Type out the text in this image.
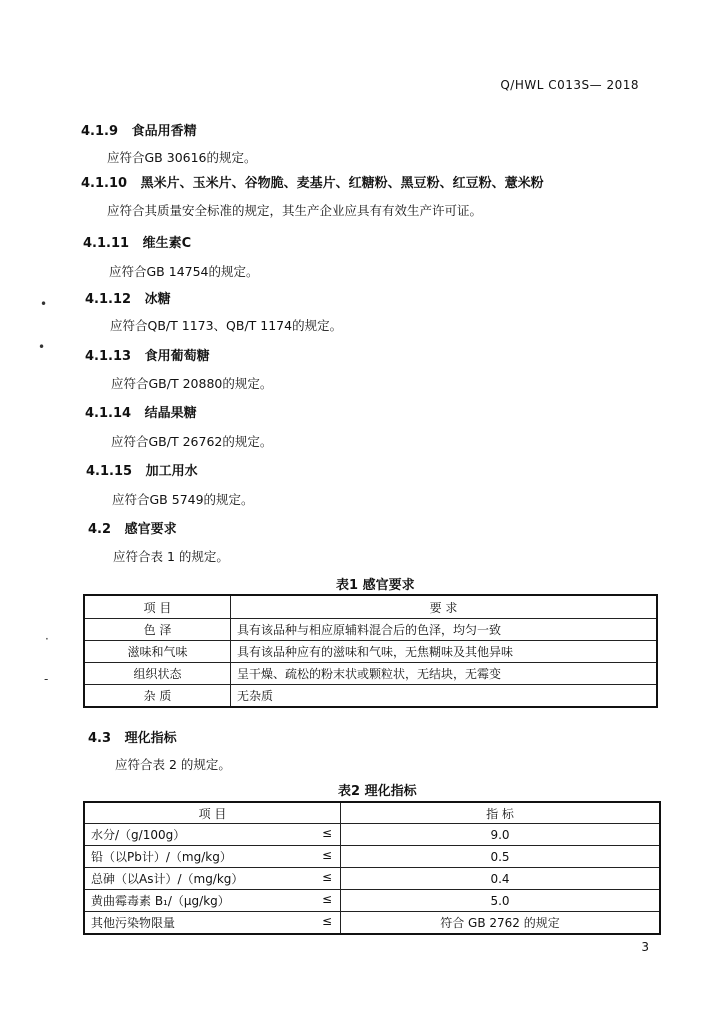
Q/HWL C013S— 2018
4.1.9 食品用香精
应符合GB 30616的规定。
4.1.10 黑米片、玉米片、谷物脆、麦基片、红糖粉、黑豆粉、红豆粉、薏米粉
应符合其质量安全标准的规定，其生产企业应具有有效生产许可证。
4.1.11 维生素C
应符合GB 14754的规定。
•	4.1.12 冰糖
应符合QB/T 1173、QB/T 1174的规定。
•
4.1.13 食用葡萄糖
应符合GB/T 20880的规定。
4.1.14 结晶果糖
应符合GB/T 26762的规定。
4.1.15 加工用水
应符合GB 5749的规定。
4.2 感官要求
应符合表 1 的规定。
表1 感官要求
项 目	要 求
色 泽	具有该品种与相应原辅料混合后的色泽，均匀一致
滋味和气味	具有该品种应有的滋味和气味，无焦糊味及其他异味
组织状态	呈干燥、疏松的粉末状或颗粒状，无结块，无霉变
杂 质	无杂质
·
-
4.3 理化指标
应符合表 2 的规定。
表2 理化指标
项 目	指 标
水分/（g/100g） ≤	9.0
铅（以Pb计）/（mg/kg） ≤	0.5
总砷（以As计）/（mg/kg） ≤	0.4
黄曲霉毒素 B₁/（μg/kg） ≤	5.0
其他污染物限量 ≤	符合 GB 2762 的规定
3
